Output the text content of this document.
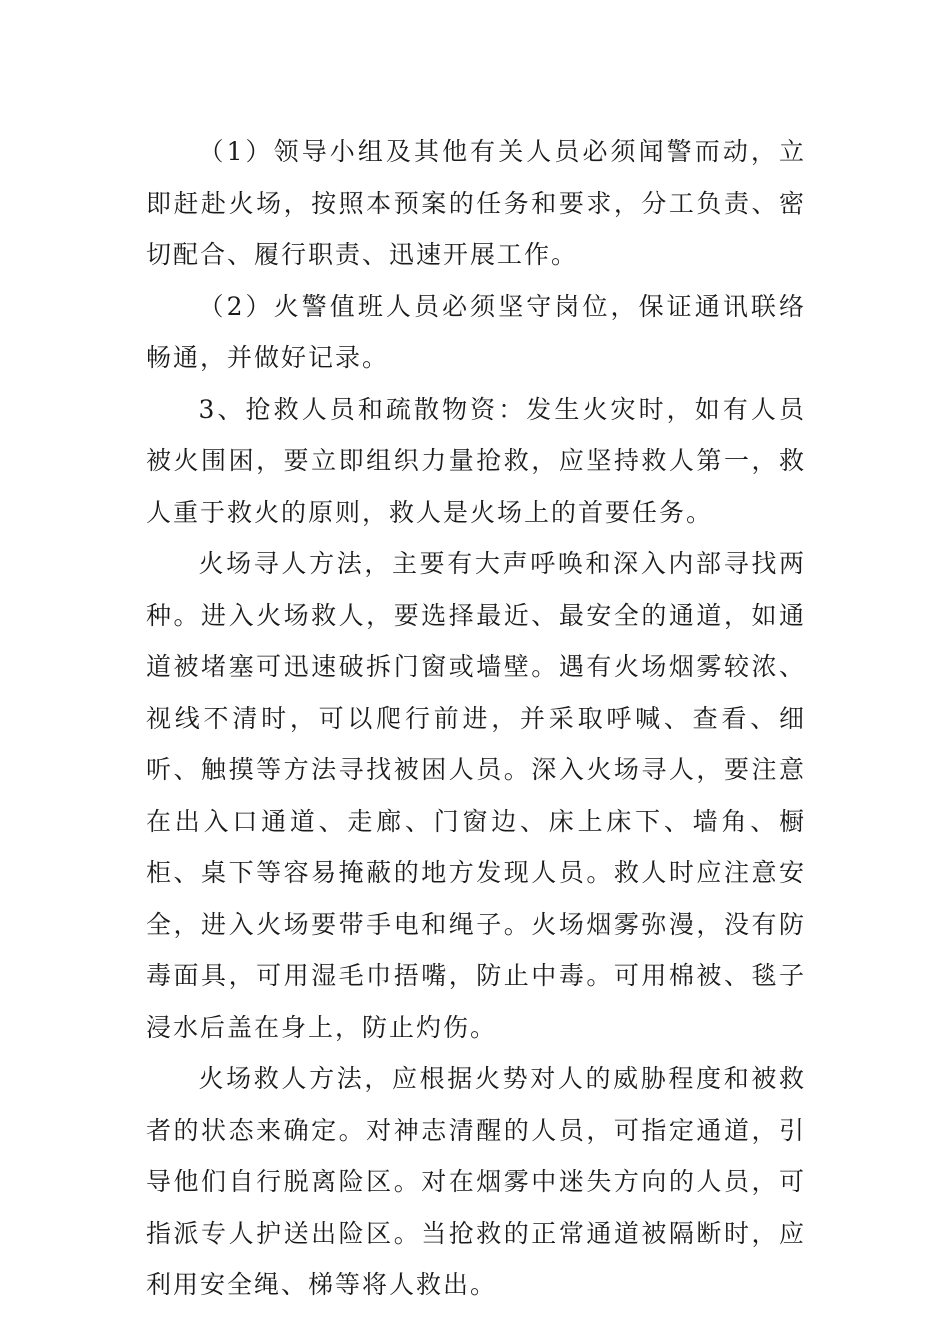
（1）领导小组及其他有关人员必须闻警而动，立即赶赴火场，按照本预案的任务和要求，分工负责、密切配合、履行职责、迅速开展工作。

（2）火警值班人员必须坚守岗位，保证通讯联络畅通，并做好记录。

3、抢救人员和疏散物资：发生火灾时，如有人员被火围困，要立即组织力量抢救，应坚持救人第一，救人重于救火的原则，救人是火场上的首要任务。

火场寻人方法，主要有大声呼唤和深入内部寻找两种。进入火场救人，要选择最近、最安全的通道，如通道被堵塞可迅速破拆门窗或墙壁。遇有火场烟雾较浓、视线不清时，可以爬行前进，并采取呼喊、查看、细听、触摸等方法寻找被困人员。深入火场寻人，要注意在出入口通道、走廊、门窗边、床上床下、墙角、橱柜、桌下等容易掩蔽的地方发现人员。救人时应注意安全，进入火场要带手电和绳子。火场烟雾弥漫，没有防毒面具，可用湿毛巾捂嘴，防止中毒。可用棉被、毯子浸水后盖在身上，防止灼伤。

火场救人方法，应根据火势对人的威胁程度和被救者的状态来确定。对神志清醒的人员，可指定通道，引导他们自行脱离险区。对在烟雾中迷失方向的人员，可指派专人护送出险区。当抢救的正常通道被隔断时，应利用安全绳、梯等将人救出。
